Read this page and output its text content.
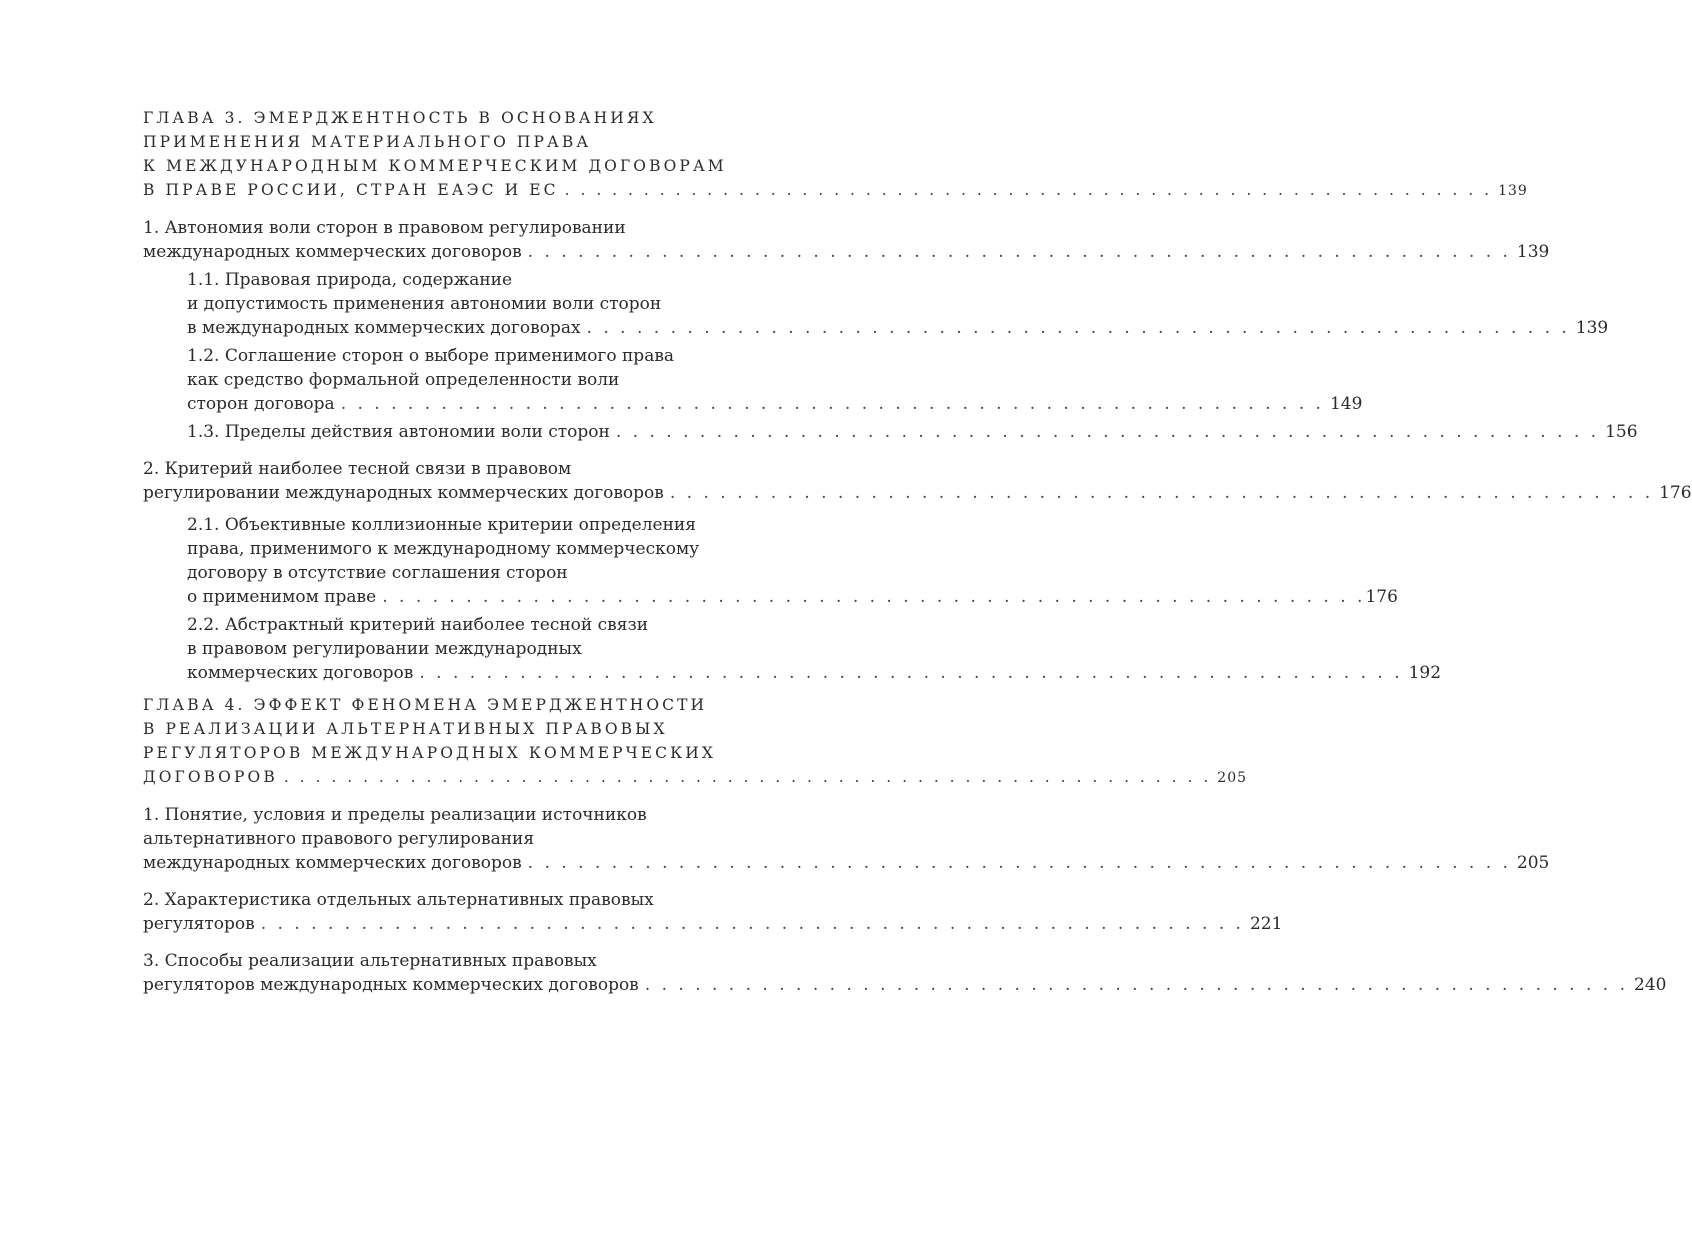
ГЛАВА 3. ЭМЕРДЖЕНТНОСТЬ В ОСНОВАНИЯХ
ПРИМЕНЕНИЯ МАТЕРИАЛЬНОГО ПРАВА
К МЕЖДУНАРОДНЫМ КОММЕРЧЕСКИМ ДОГОВОРАМ
В ПРАВЕ РОССИИ, СТРАН ЕАЭС И ЕС . . . . . . . . . . . . . . . . . . . . . . . . . . . . . . . . . . . . . . . . . . . . . . . . . . . . . . . . . . . 139
1. Автономия воли сторон в правовом регулировании
международных коммерческих договоров . . . . . . . . . . . . . . . . . . . . . . . . . . . . . . . . . . . . . . . . . . . . . . . . . . . . . . . . . . . 139
1.1. Правовая природа, содержание
и допустимость применения автономии воли сторон
в международных коммерческих договорах . . . . . . . . . . . . . . . . . . . . . . . . . . . . . . . . . . . . . . . . . . . . . . . . . . . . . . . . . . . 139
1.2. Соглашение сторон о выборе применимого права
как средство формальной определенности воли
сторон договора . . . . . . . . . . . . . . . . . . . . . . . . . . . . . . . . . . . . . . . . . . . . . . . . . . . . . . . . . . . 149
1.3. Пределы действия автономии воли сторон . . . . . . . . . . . . . . . . . . . . . . . . . . . . . . . . . . . . . . . . . . . . . . . . . . . . . . . . . . . 156
2. Критерий наиболее тесной связи в правовом
регулировании международных коммерческих договоров . . . . . . . . . . . . . . . . . . . . . . . . . . . . . . . . . . . . . . . . . . . . . . . . . . . . . . . . . . . 176
2.1. Объективные коллизионные критерии определения
права, применимого к международному коммерческому
договору в отсутствие соглашения сторон
о применимом праве . . . . . . . . . . . . . . . . . . . . . . . . . . . . . . . . . . . . . . . . . . . . . . . . . . . . . . . . . . . 176
2.2. Абстрактный критерий наиболее тесной связи
в правовом регулировании международных
коммерческих договоров . . . . . . . . . . . . . . . . . . . . . . . . . . . . . . . . . . . . . . . . . . . . . . . . . . . . . . . . . . . 192
ГЛАВА 4. ЭФФЕКТ ФЕНОМЕНА ЭМЕРДЖЕНТНОСТИ
В РЕАЛИЗАЦИИ АЛЬТЕРНАТИВНЫХ ПРАВОВЫХ
РЕГУЛЯТОРОВ МЕЖДУНАРОДНЫХ КОММЕРЧЕСКИХ
ДОГОВОРОВ . . . . . . . . . . . . . . . . . . . . . . . . . . . . . . . . . . . . . . . . . . . . . . . . . . . . . . . . . . . 205
1. Понятие, условия и пределы реализации источников
альтернативного правового регулирования
международных коммерческих договоров . . . . . . . . . . . . . . . . . . . . . . . . . . . . . . . . . . . . . . . . . . . . . . . . . . . . . . . . . . . 205
2. Характеристика отдельных альтернативных правовых
регуляторов . . . . . . . . . . . . . . . . . . . . . . . . . . . . . . . . . . . . . . . . . . . . . . . . . . . . . . . . . . . 221
3. Способы реализации альтернативных правовых
регуляторов международных коммерческих договоров . . . . . . . . . . . . . . . . . . . . . . . . . . . . . . . . . . . . . . . . . . . . . . . . . . . . . . . . . . . 240
